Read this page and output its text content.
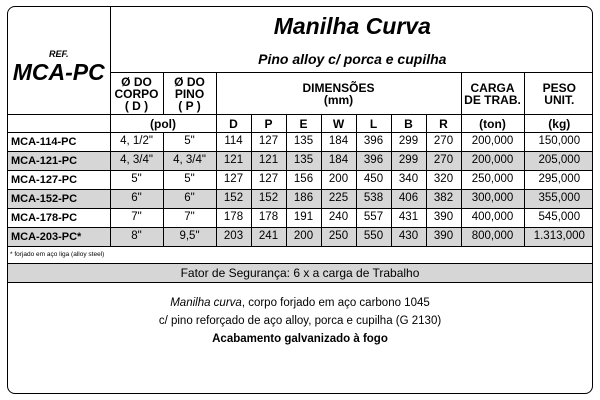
REF.
MCA-PC	Manilha Curva										
	Pino alloy c/ porca e cupilha										
	Ø DO
CORPO
( D )	Ø DO
PINO
( P )	DIMENSÕES
(mm)							CARGA
DE TRAB.	PESO
UNIT.
	(pol)		D	P	E	W	L	B	R	(ton)	(kg)
MCA-114-PC	4, 1/2"	5"	114	127	135	184	396	299	270	200,000	150,000
MCA-121-PC	4, 3/4"	4, 3/4"	121	121	135	184	396	299	270	200,000	205,000
MCA-127-PC	5"	5"	127	127	156	200	450	340	320	250,000	295,000
MCA-152-PC	6"	6"	152	152	186	225	538	406	382	300,000	355,000
MCA-178-PC	7"	7"	178	178	191	240	557	431	390	400,000	545,000
MCA-203-PC*	8"	9,5"	203	241	200	250	550	430	390	800,000	1.313,000
* forjado em aço liga (alloy steel)
Fator de Segurança: 6 x a carga de Trabalho
Manilha curva, corpo forjado em aço carbono 1045
c/ pino reforçado de aço alloy, porca e cupilha (G 2130)
Acabamento galvanizado à fogo
